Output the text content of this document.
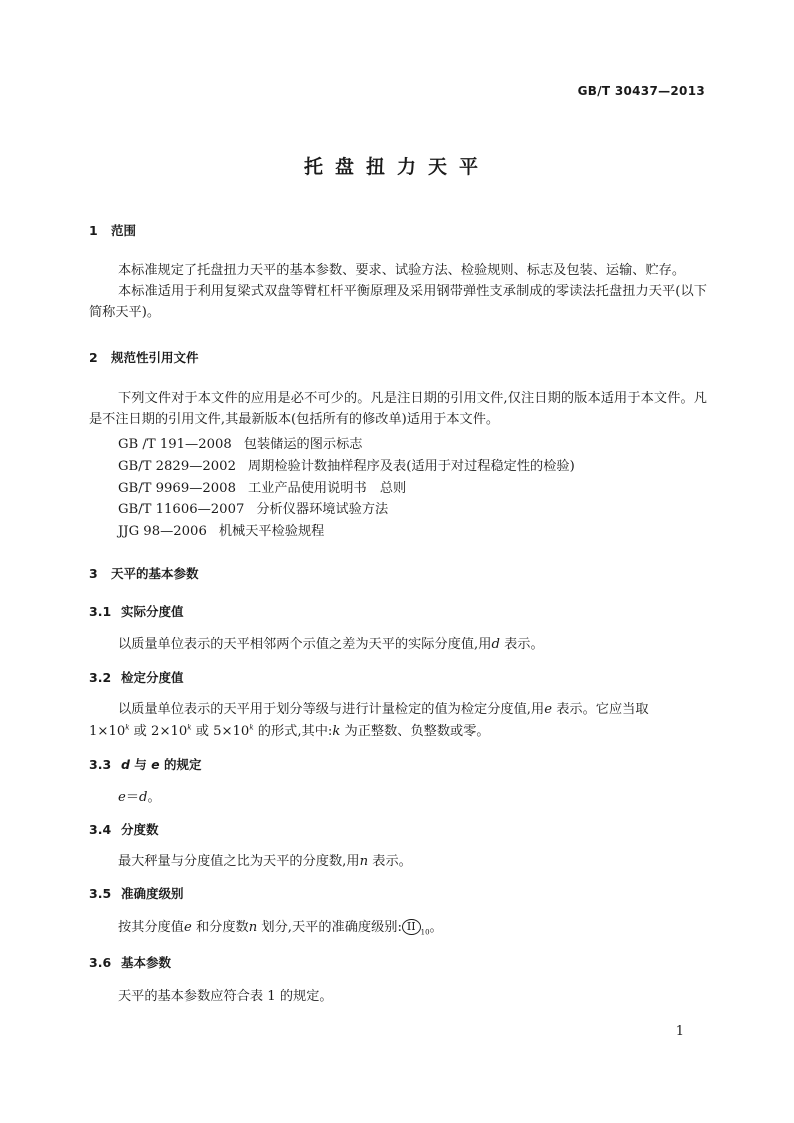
GB/T 30437—2013
托盘扭力天平
1 范围
本标准规定了托盘扭力天平的基本参数、要求、试验方法、检验规则、标志及包装、运输、贮存。
本标准适用于利用复梁式双盘等臂杠杆平衡原理及采用钢带弹性支承制成的零读法托盘扭力天平(以下简称天平)。
2 规范性引用文件
下列文件对于本文件的应用是必不可少的。凡是注日期的引用文件,仅注日期的版本适用于本文件。凡是不注日期的引用文件,其最新版本(包括所有的修改单)适用于本文件。
GB /T 191—2008 包装储运的图示标志
GB/T 2829—2002 周期检验计数抽样程序及表(适用于对过程稳定性的检验)
GB/T 9969—2008 工业产品使用说明书　总则
GB/T 11606—2007 分析仪器环境试验方法
JJG 98—2006 机械天平检验规程
3 天平的基本参数
3.1 实际分度值
以质量单位表示的天平相邻两个示值之差为天平的实际分度值,用d 表示。
3.2 检定分度值
以质量单位表示的天平用于划分等级与进行计量检定的值为检定分度值,用e 表示。它应当取
$1\times 10^k$ 或 $2\times 10^k$ 或 $5\times 10^k$ 的形式,其中:k 为正整数、负整数或零。
3.3 d 与 e 的规定
e＝d。
3.4 分度数
最大秤量与分度值之比为天平的分度数,用n 表示。
3.5 准确度级别
按其分度值e 和分度数n 划分,天平的准确度级别: II $_{10}$。
3.6 基本参数
天平的基本参数应符合表 1 的规定。
1
